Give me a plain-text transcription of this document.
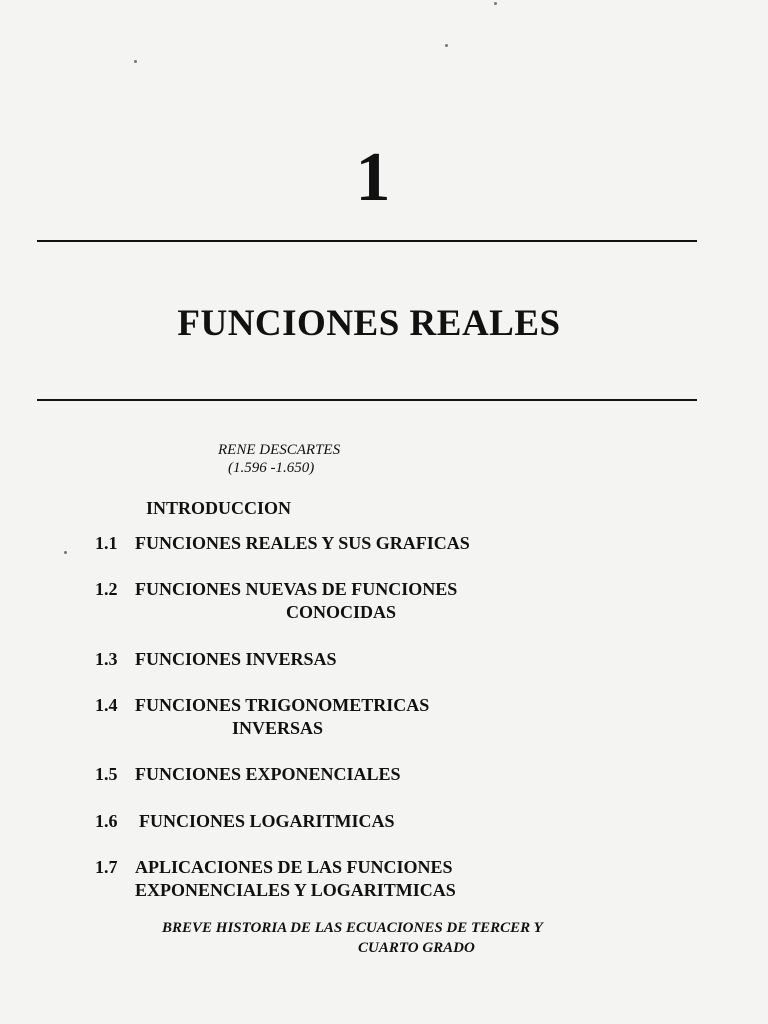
1
FUNCIONES REALES
RENE DESCARTES
(1.596 -1.650)
INTRODUCCION
1.1 FUNCIONES REALES Y SUS GRAFICAS
1.2 FUNCIONES NUEVAS DE FUNCIONES
CONOCIDAS
1.3 FUNCIONES INVERSAS
1.4 FUNCIONES TRIGONOMETRICAS
INVERSAS
1.5 FUNCIONES EXPONENCIALES
1.6 FUNCIONES LOGARITMICAS
1.7 APLICACIONES DE LAS FUNCIONES
EXPONENCIALES Y LOGARITMICAS
BREVE HISTORIA DE LAS ECUACIONES DE TERCER Y
CUARTO GRADO
